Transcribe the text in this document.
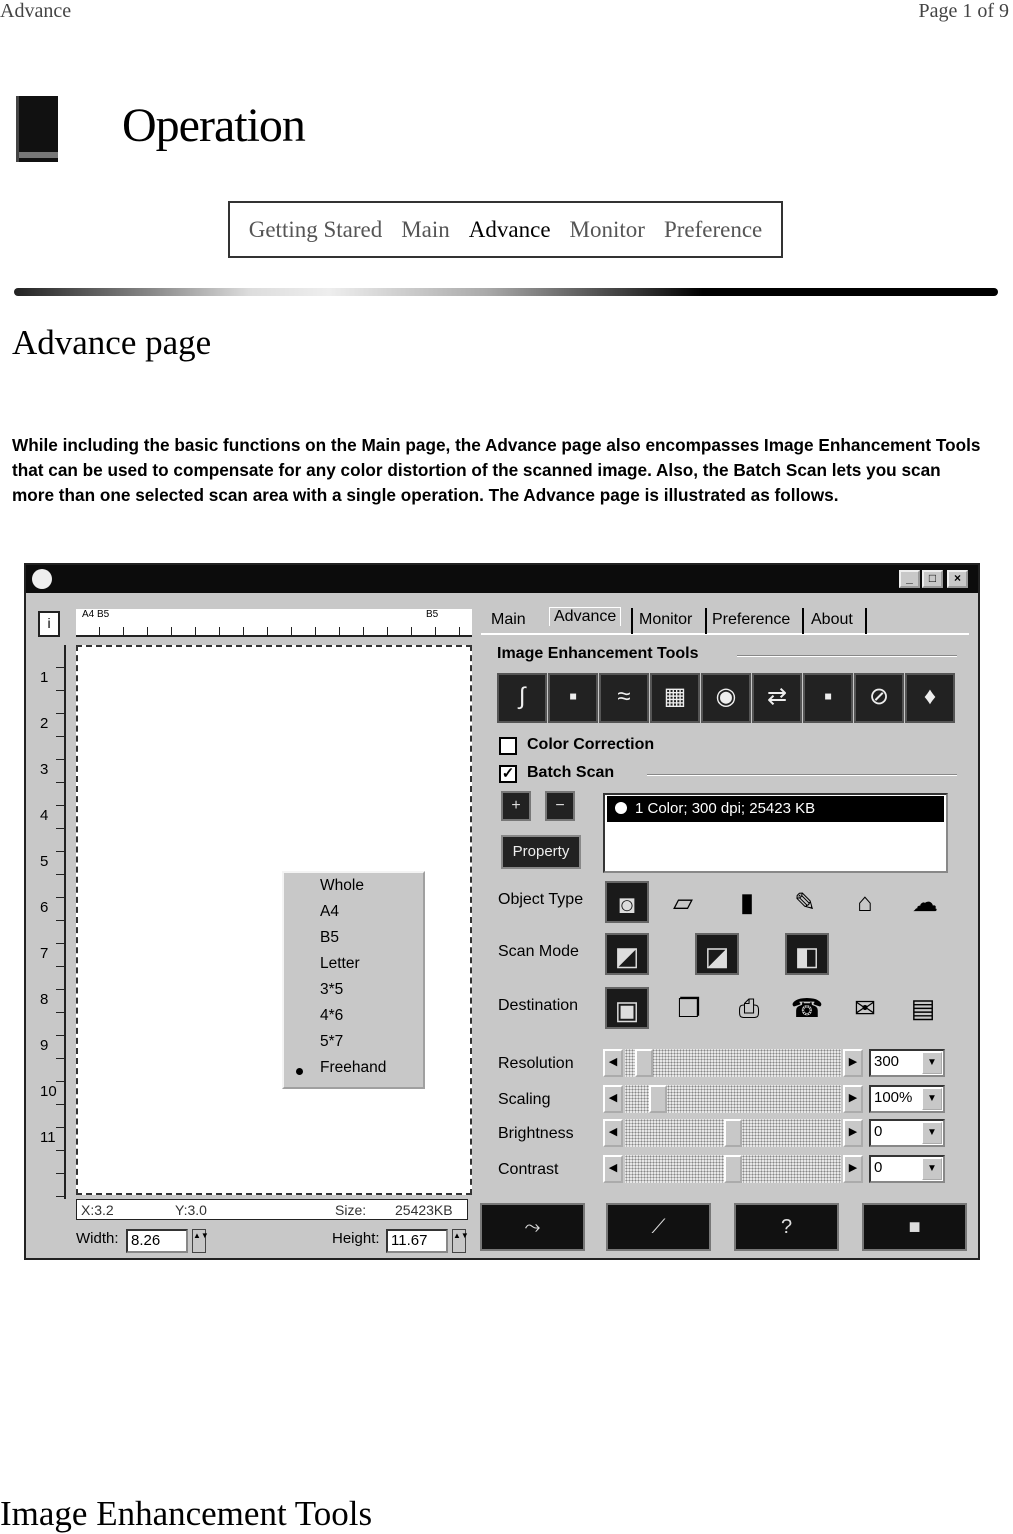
Advance	Page 1 of 9
Operation
Getting Stared Main Advance Monitor Preference
Advance page

While including the basic functions on the Main page, the Advance page also encompasses Image Enhancement Tools that can be used to compensate for any color distortion of the scanned image. Also, the Batch Scan lets you scan more than one selected scan area with a single operation. The Advance page is illustrated as follows.

_	□	×
i
A4 B5	B5
1
2
3
4
5
6
7
8
9
10
11
Whole
A4
B5
Letter
3*5
4*6
5*7
Freehand
X:3.2	Y:3.0	Size: 25423KB
Width: 8.26	▲▼	Height: 11.67	▲▼
Main	Advance	Monitor Preference About
Image Enhancement Tools
∫	▪	≈	▦	◉	⇄	▪	⊘	♦
Color Correction
✓ Batch Scan
+	−
Property
1 Color; 300 dpi; 25423 KB
Object Type	◙	▱	▮	✎	⌂	☁
Scan Mode	◩	◪	◧
Destination	▣	❐	⎙	☎	✉	▤
Resolution	◀	▶	300	▼
Scaling	◀	▶	100%	▼
Brightness	◀	▶	0	▼
Contrast	◀	▶	0	▼
⤳	⟋	?	■
Image Enhancement Tools
